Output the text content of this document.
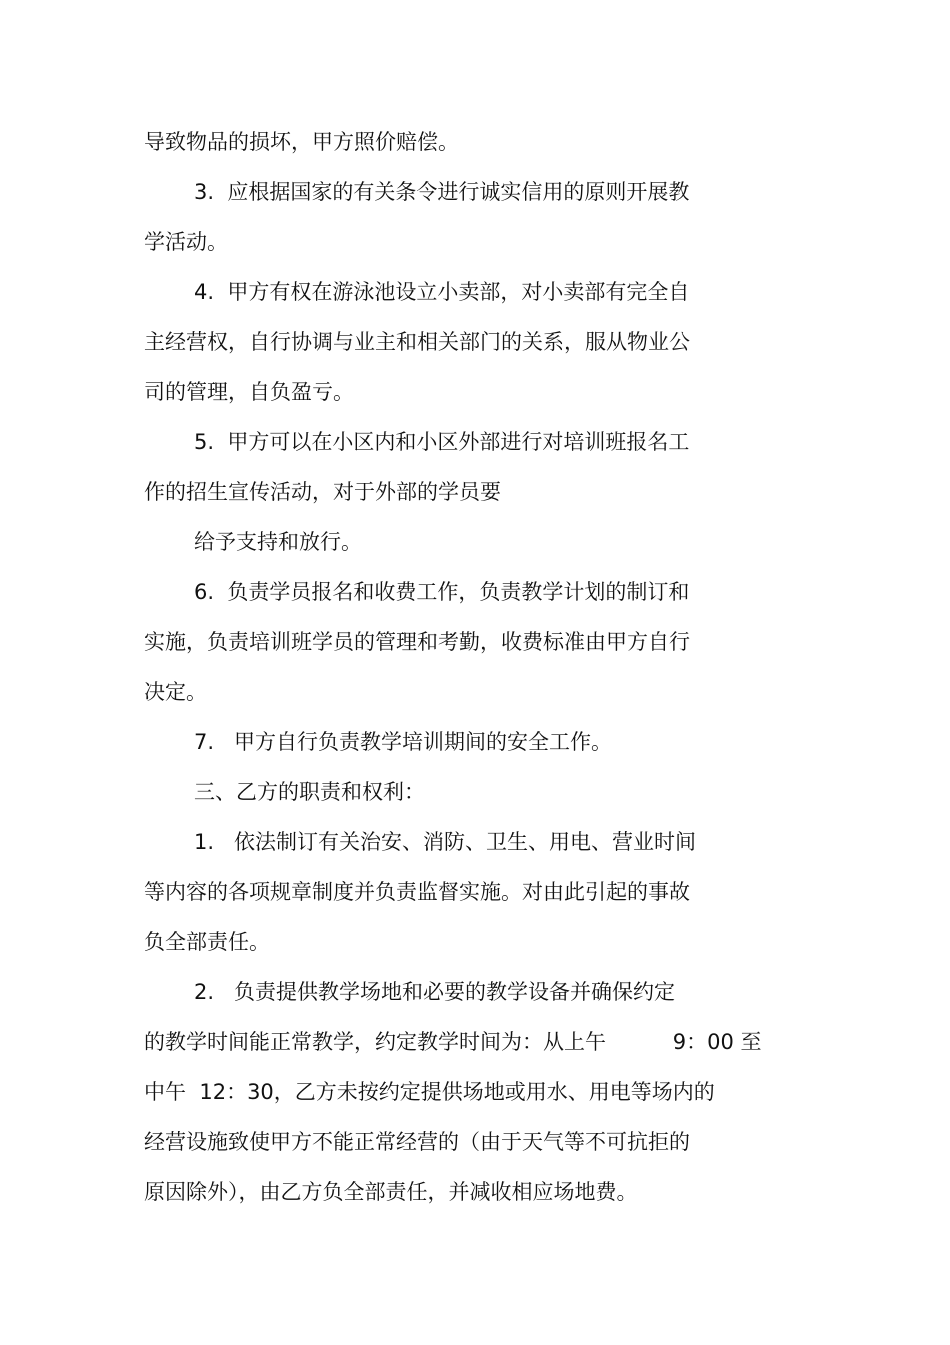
导致物品的损坏，甲方照价赔偿。
3.  应根据国家的有关条令进行诚实信用的原则开展教
学活动。
4.  甲方有权在游泳池设立小卖部，对小卖部有完全自
主经营权，自行协调与业主和相关部门的关系，服从物业公
司的管理，自负盈亏。
5.  甲方可以在小区内和小区外部进行对培训班报名工
作的招生宣传活动，对于外部的学员要
给予支持和放行。
6.  负责学员报名和收费工作，负责教学计划的制订和
实施，负责培训班学员的管理和考勤，收费标准由甲方自行
决定。
7.   甲方自行负责教学培训期间的安全工作。
三、乙方的职责和权利：
1.   依法制订有关治安、消防、卫生、用电、营业时间
等内容的各项规章制度并负责监督实施。对由此引起的事故
负全部责任。
2.   负责提供教学场地和必要的教学设备并确保约定
的教学时间能正常教学，约定教学时间为：从上午          9：00 至
中午  12：30，乙方未按约定提供场地或用水、用电等场内的
经营设施致使甲方不能正常经营的（由于天气等不可抗拒的
原因除外），由乙方负全部责任，并减收相应场地费。
